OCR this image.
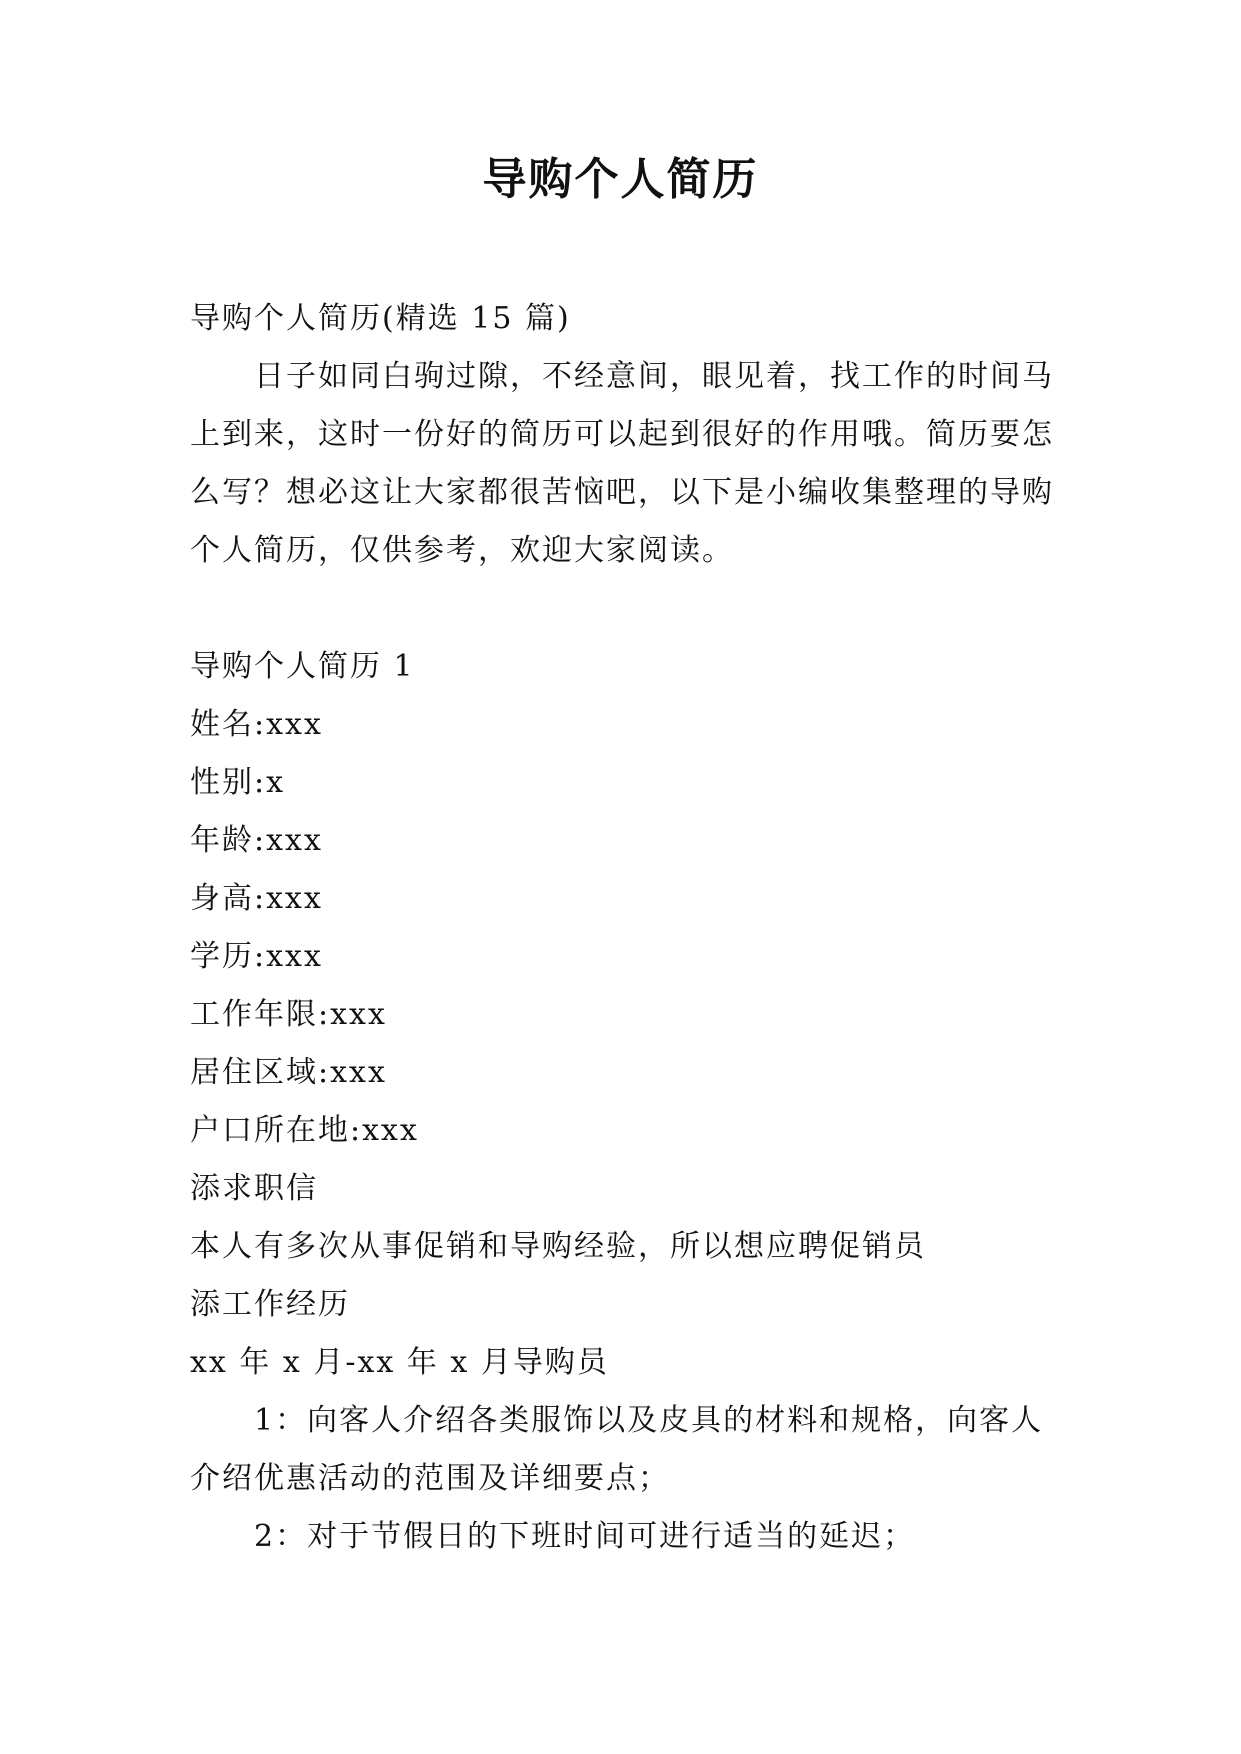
导购个人简历

导购个人简历(精选 15 篇)

日子如同白驹过隙，不经意间，眼见着，找工作的时间马上到来，这时一份好的简历可以起到很好的作用哦。简历要怎么写？想必这让大家都很苦恼吧，以下是小编收集整理的导购个人简历，仅供参考，欢迎大家阅读。

导购个人简历 1

姓名:xxx

性别:x

年龄:xxx

身高:xxx

学历:xxx

工作年限:xxx

居住区域:xxx

户口所在地:xxx

添求职信

本人有多次从事促销和导购经验，所以想应聘促销员

添工作经历

xx 年 x 月-xx 年 x 月导购员

1：向客人介绍各类服饰以及皮具的材料和规格，向客人介绍优惠活动的范围及详细要点；

2：对于节假日的下班时间可进行适当的延迟；
